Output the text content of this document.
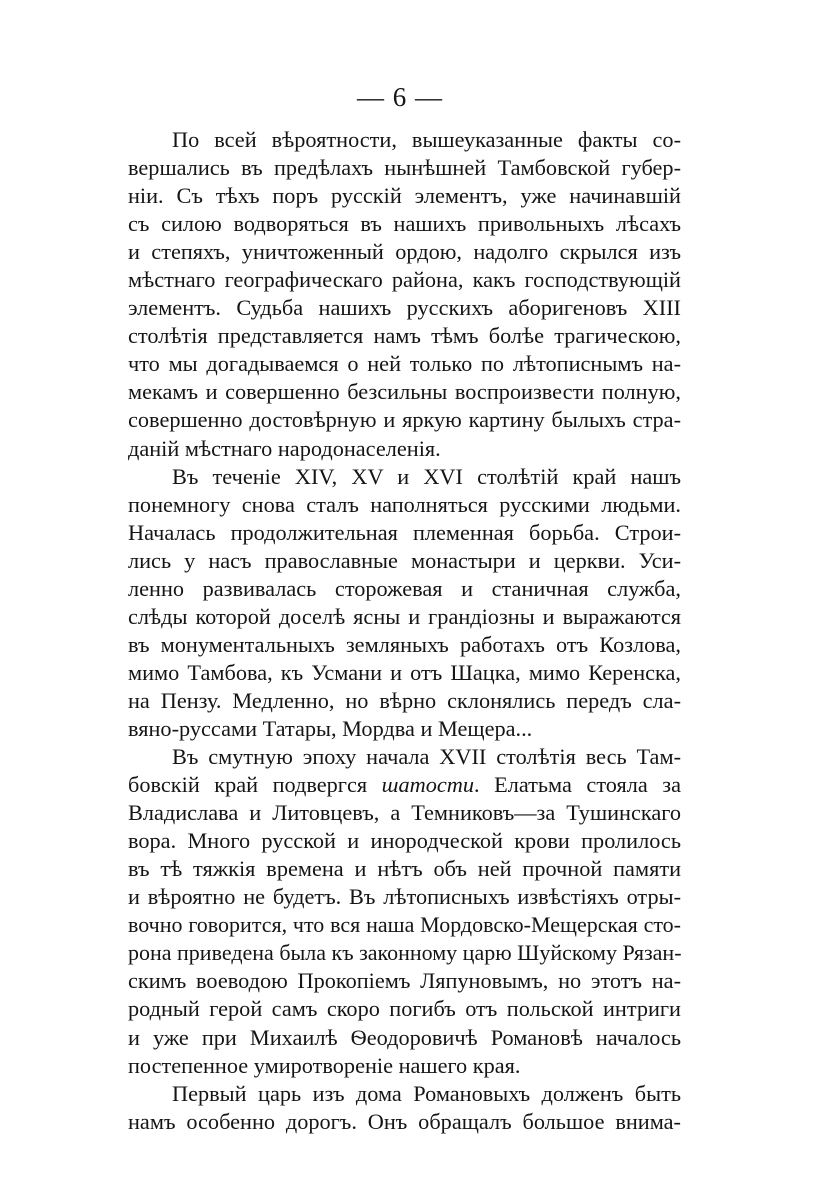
— 6 —
По всей вѣроятности, вышеуказанные факты со-
вершались въ предѣлахъ нынѣшней Тамбовской губер-
ніи. Съ тѣхъ поръ русскій элементъ, уже начинавшій
съ силою водворяться въ нашихъ привольныхъ лѣсахъ
и степяхъ, уничтоженный ордою, надолго скрылся изъ
мѣстнаго географическаго района, какъ господствующій
элементъ. Судьба нашихъ русскихъ аборигеновъ XIII
столѣтія представляется намъ тѣмъ болѣе трагическою,
что мы догадываемся о ней только по лѣтописнымъ на-
мекамъ и совершенно безсильны воспроизвести полную,
совершенно достовѣрную и яркую картину былыхъ стра-
даній мѣстнаго народонаселенія.
Въ теченіе XIV, XV и XVI столѣтій край нашъ
понемногу снова сталъ наполняться русскими людьми.
Началась продолжительная племенная борьба. Строи-
лись у насъ православные монастыри и церкви. Уси-
ленно развивалась сторожевая и станичная служба,
слѣды которой доселѣ ясны и грандіозны и выражаются
въ монументальныхъ земляныхъ работахъ отъ Козлова,
мимо Тамбова, къ Усмани и отъ Шацка, мимо Керенска,
на Пензу. Медленно, но вѣрно склонялись передъ сла-
вяно-руссами Татары, Мордва и Мещера...
Въ смутную эпоху начала XVII столѣтія весь Там-
бовскій край подвергся шатости. Елатьма стояла за
Владислава и Литовцевъ, а Темниковъ—за Тушинскаго
вора. Много русской и инородческой крови пролилось
въ тѣ тяжкія времена и нѣтъ объ ней прочной памяти
и вѣроятно не будетъ. Въ лѣтописныхъ извѣстіяхъ отры-
вочно говорится, что вся наша Мордовско-Мещерская сто-
рона приведена была къ законному царю Шуйскому Рязан-
скимъ воеводою Прокопіемъ Ляпуновымъ, но этотъ на-
родный герой самъ скоро погибъ отъ польской интриги
и уже при Михаилѣ Ѳеодоровичѣ Романовѣ началось
постепенное умиротвореніе нашего края.
Первый царь изъ дома Романовыхъ долженъ быть
намъ особенно дорогъ. Онъ обращалъ большое внима-
